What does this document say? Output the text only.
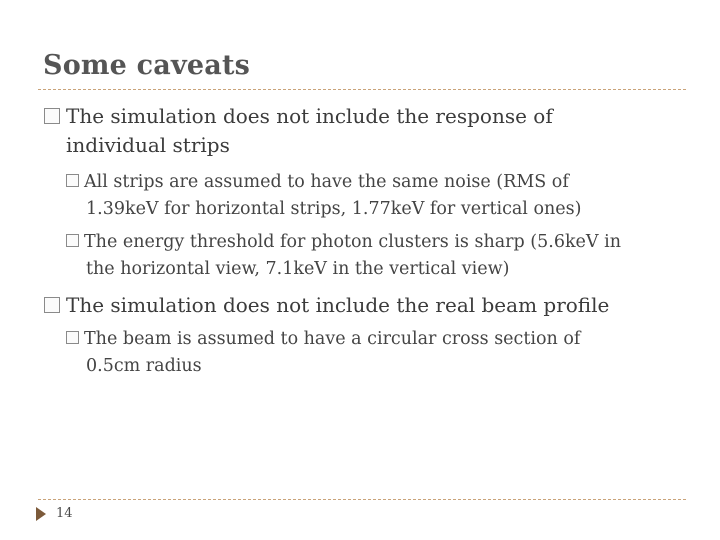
Some caveats

The simulation does not include the response of
individual strips

All strips are assumed to have the same noise (RMS of
1.39keV for horizontal strips, 1.77keV for vertical ones)

The energy threshold for photon clusters is sharp (5.6keV in
the horizontal view, 7.1keV in the vertical view)

The simulation does not include the real beam profile

The beam is assumed to have a circular cross section of
0.5cm radius

14
